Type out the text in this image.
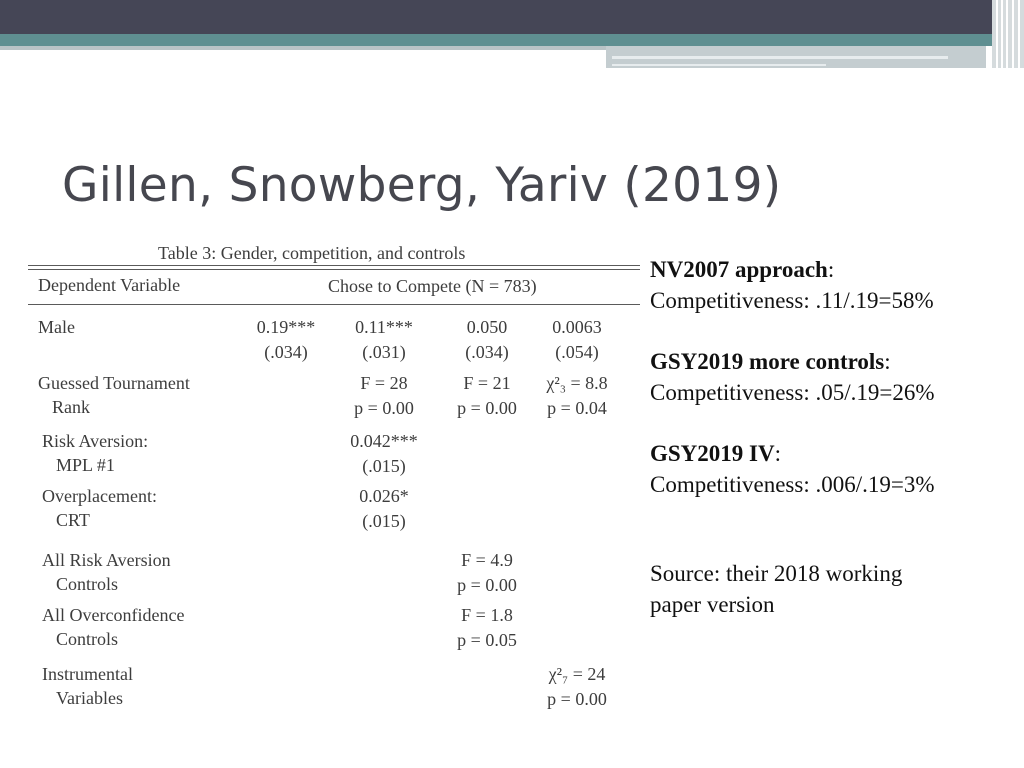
Gillen, Snowberg, Yariv (2019)
Table 3: Gender, competition, and controls
Dependent Variable	Chose to Compete (N = 783)
Male	0.19***
(.034)
0.11***
(.031)
0.050
(.034)
0.0063
(.054)
Guessed Tournament
Rank
F = 28
p = 0.00
F = 21
p = 0.00
χ²₃ = 8.8
p = 0.04
Risk Aversion:
MPL #1
0.042***
(.015)
Overplacement:
CRT
0.026*
(.015)
All Risk Aversion
Controls
F = 4.9
p = 0.00
All Overconfidence
Controls
F = 1.8
p = 0.05
Instrumental
Variables
χ²₇ = 24
p = 0.00
NV2007 approach:
Competitiveness: .11/.19=58%
GSY2019 more controls:
Competitiveness: .05/.19=26%
GSY2019 IV:
Competitiveness: .006/.19=3%
Source: their 2018 working
paper version
